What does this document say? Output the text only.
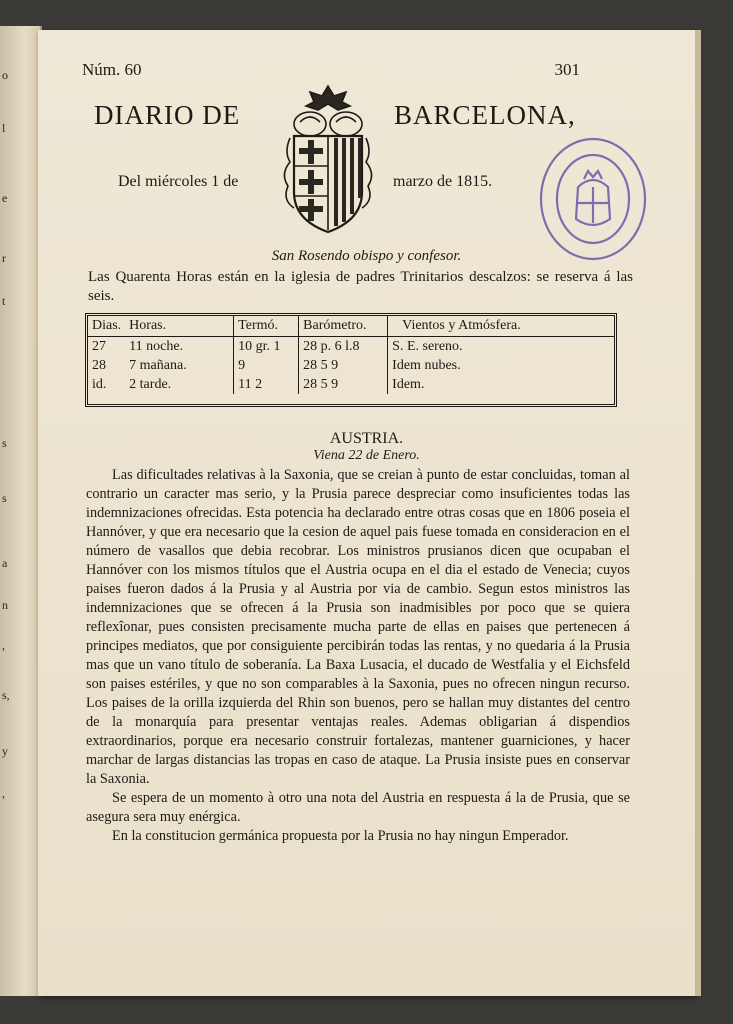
o
l
e
r
t
s
s
a
n
,
s,
y
,
Núm. 60	301
DIARIO DE	BARCELONA,
Del miércoles 1 de	marzo de 1815.
San Rosendo obispo y confesor.
Las Quarenta Horas están en la iglesia de padres Trinitarios descalzos: se reserva á las seis.
Dias.	Horas.	Termó.	Barómetro.	Vientos y Atmósfera.
27	11 noche.	10 gr. 1	28 p. 6 l.8	S. E. sereno.
28	7 mañana.	9	28 5 9	Idem nubes.
id.	2 tarde.	11 2	28 5 9	Idem.
AUSTRIA.
Viena 22 de Enero.

Las dificultades relativas à la Saxonia, que se creian à punto de estar concluidas, toman al contrario un caracter mas serio, y la Prusia parece despreciar como insuficientes todas las indemnizaciones ofrecidas. Esta potencia ha declarado entre otras cosas que en 1806 poseia el Hannóver, y que era necesario que la cesion de aquel pais fuese tomada en consideracion en el número de vasallos que debia recobrar. Los ministros prusianos dicen que ocupaban el Hannóver con los mismos títulos que el Austria ocupa en el dia el estado de Venecia; cuyos paises fueron dados á la Prusia y al Austria por via de cambio. Segun estos ministros las indemnizaciones que se ofrecen á la Prusia son inadmisibles por poco que se quiera reflexîonar, pues consisten precisamente mucha parte de ellas en paises que pertenecen á principes mediatos, que por consiguiente percibirán todas las rentas, y no quedaria á la Prusia mas que un vano título de soberanía. La Baxa Lusacia, el ducado de Westfalia y el Eichsfeld son paises estériles, y que no son comparables à la Saxonia, pues no ofrecen ningun recurso. Los paises de la orilla izquierda del Rhin son buenos, pero se hallan muy distantes del centro de la monarquía para presentar ventajas reales. Ademas obligarian á dispendios extraordinarios, porque era necesario construir fortalezas, mantener guarniciones, y hacer marchar de largas distancias las tropas en caso de ataque. La Prusia insiste pues en conservar la Saxonia.

Se espera de un momento à otro una nota del Austria en respuesta á la de Prusia, que se asegura sera muy enérgica.

En la constitucion germánica propuesta por la Prusia no hay ningun Emperador.
